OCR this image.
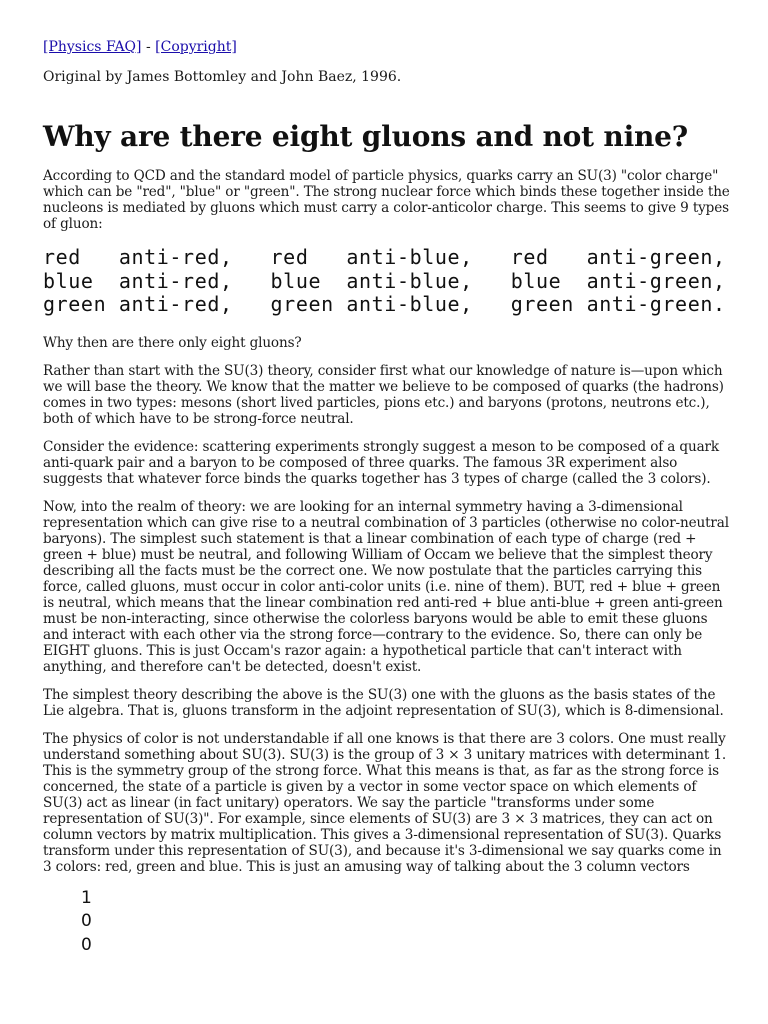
[Physics FAQ] - [Copyright]
Original by James Bottomley and John Baez, 1996.
Why are there eight gluons and not nine?

According to QCD and the standard model of particle physics, quarks carry an SU(3) "color charge" which can be "red", "blue" or "green". The strong nuclear force which binds these together inside the nucleons is mediated by gluons which must carry a color-anticolor charge. This seems to give 9 types of gluon:

red   anti-red,   red   anti-blue,   red   anti-green,
blue  anti-red,   blue  anti-blue,   blue  anti-green,
green anti-red,   green anti-blue,   green anti-green.

Why then are there only eight gluons?

Rather than start with the SU(3) theory, consider first what our knowledge of nature is—upon which we will base the theory. We know that the matter we believe to be composed of quarks (the hadrons) comes in two types: mesons (short lived particles, pions etc.) and baryons (protons, neutrons etc.), both of which have to be strong-force neutral.

Consider the evidence: scattering experiments strongly suggest a meson to be composed of a quark anti-quark pair and a baryon to be composed of three quarks. The famous 3R experiment also suggests that whatever force binds the quarks together has 3 types of charge (called the 3 colors).

Now, into the realm of theory: we are looking for an internal symmetry having a 3-dimensional representation which can give rise to a neutral combination of 3 particles (otherwise no color-neutral baryons). The simplest such statement is that a linear combination of each type of charge (red + green + blue) must be neutral, and following William of Occam we believe that the simplest theory describing all the facts must be the correct one. We now postulate that the particles carrying this force, called gluons, must occur in color anti-color units (i.e. nine of them). BUT, red + blue + green is neutral, which means that the linear combination red anti-red + blue anti-blue + green anti-green must be non-interacting, since otherwise the colorless baryons would be able to emit these gluons and interact with each other via the strong force—contrary to the evidence. So, there can only be EIGHT gluons. This is just Occam's razor again: a hypothetical particle that can't interact with anything, and therefore can't be detected, doesn't exist.

The simplest theory describing the above is the SU(3) one with the gluons as the basis states of the Lie algebra. That is, gluons transform in the adjoint representation of SU(3), which is 8-dimensional.

The physics of color is not understandable if all one knows is that there are 3 colors. One must really understand something about SU(3). SU(3) is the group of 3 × 3 unitary matrices with determinant 1. This is the symmetry group of the strong force. What this means is that, as far as the strong force is concerned, the state of a particle is given by a vector in some vector space on which elements of SU(3) act as linear (in fact unitary) operators. We say the particle "transforms under some representation of SU(3)". For example, since elements of SU(3) are 3 × 3 matrices, they can act on column vectors by matrix multiplication. This gives a 3-dimensional representation of SU(3). Quarks transform under this representation of SU(3), and because it's 3-dimensional we say quarks come in 3 colors: red, green and blue. This is just an amusing way of talking about the 3 column vectors

1
0
0
